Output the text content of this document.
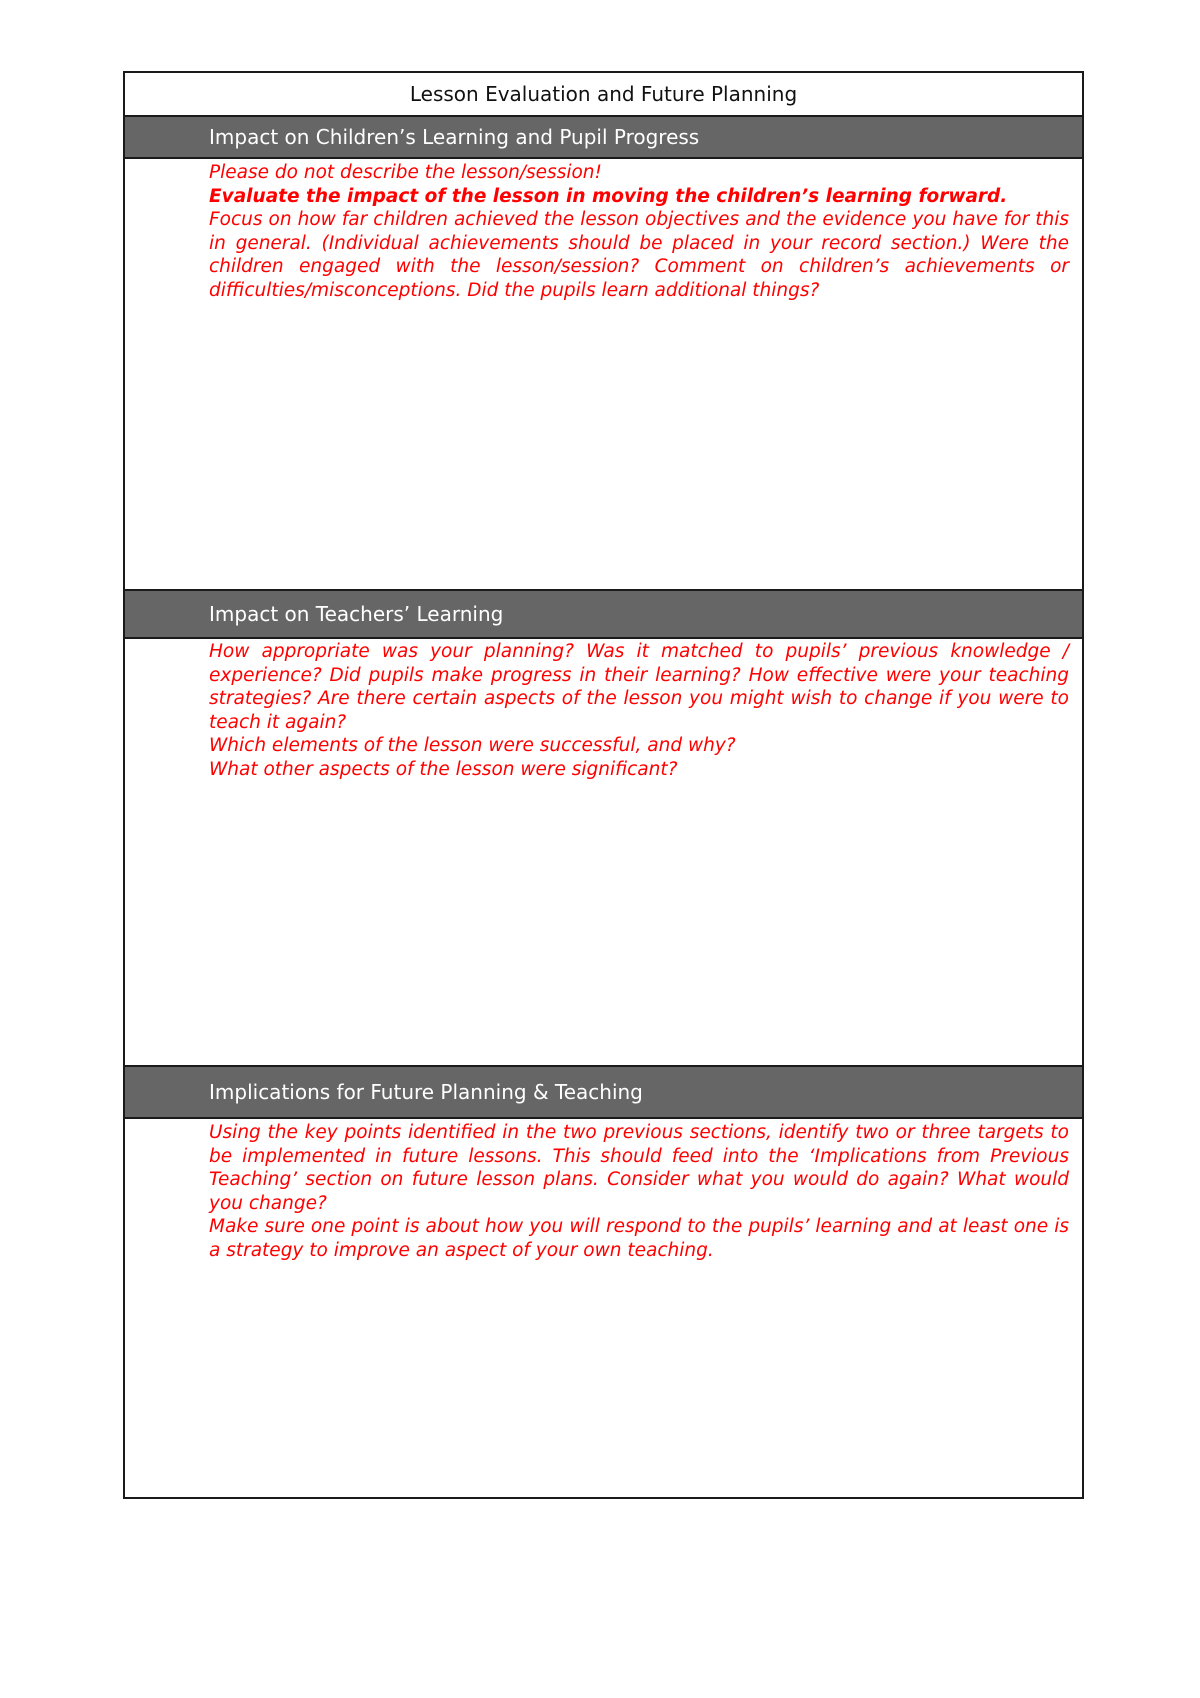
Lesson Evaluation and Future Planning
Impact on Children’s Learning and Pupil Progress

Please do not describe the lesson/session!

Evaluate the impact of the lesson in moving the children’s learning forward.

Focus on how far children achieved the lesson objectives and the evidence you have for this in general. (Individual achievements should be placed in your record section.) Were the children engaged with the lesson/session? Comment on children’s achievements or difficulties/misconceptions. Did the pupils learn additional things?

Impact on Teachers’ Learning

How appropriate was your planning? Was it matched to pupils’ previous knowledge / experience? Did pupils make progress in their learning? How effective were your teaching strategies? Are there certain aspects of the lesson you might wish to change if you were to teach it again?

Which elements of the lesson were successful, and why?

What other aspects of the lesson were significant?

Implications for Future Planning & Teaching

Using the key points identified in the two previous sections, identify two or three targets to be implemented in future lessons. This should feed into the ‘Implications from Previous Teaching’ section on future lesson plans. Consider what you would do again? What would you change?

Make sure one point is about how you will respond to the pupils’ learning and at least one is a strategy to improve an aspect of your own teaching.
